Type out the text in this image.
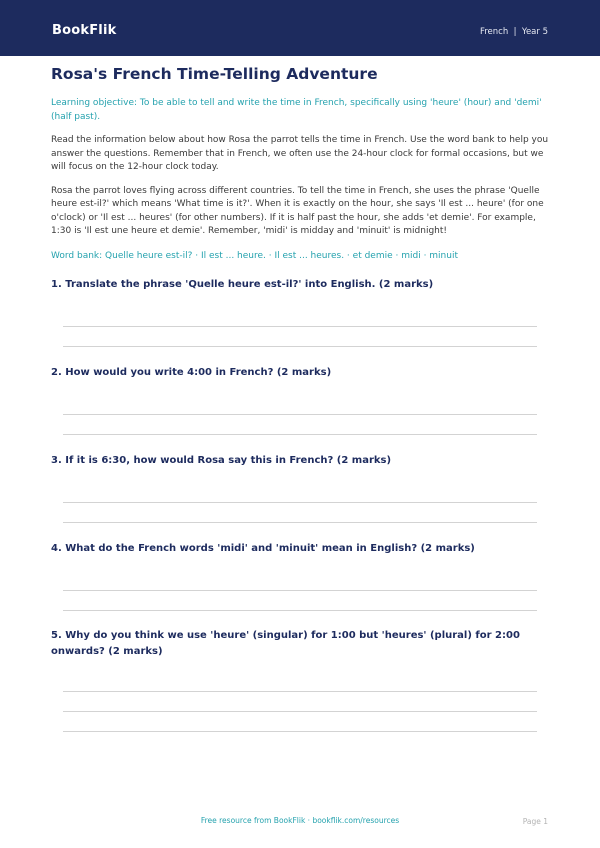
BookFlik	French  |  Year 5
Rosa's French Time-Telling Adventure

Learning objective: To be able to tell and write the time in French, specifically using 'heure' (hour) and 'demi' (half past).

Read the information below about how Rosa the parrot tells the time in French. Use the word bank to help you answer the questions. Remember that in French, we often use the 24-hour clock for formal occasions, but we will focus on the 12-hour clock today.

Rosa the parrot loves flying across different countries. To tell the time in French, she uses the phrase 'Quelle heure est-il?' which means 'What time is it?'. When it is exactly on the hour, she says 'Il est ... heure' (for one o'clock) or 'Il est ... heures' (for other numbers). If it is half past the hour, she adds 'et demie'. For example, 1:30 is 'Il est une heure et demie'. Remember, 'midi' is midday and 'minuit' is midnight!

Word bank: Quelle heure est-il? · Il est ... heure. · Il est ... heures. · et demie · midi · minuit

1. Translate the phrase 'Quelle heure est-il?' into English. (2 marks)
2. How would you write 4:00 in French? (2 marks)
3. If it is 6:30, how would Rosa say this in French? (2 marks)
4. What do the French words 'midi' and 'minuit' mean in English? (2 marks)
5. Why do you think we use 'heure' (singular) for 1:00 but 'heures' (plural) for 2:00 onwards? (2 marks)
Free resource from BookFlik · bookflik.com/resources	Page 1
